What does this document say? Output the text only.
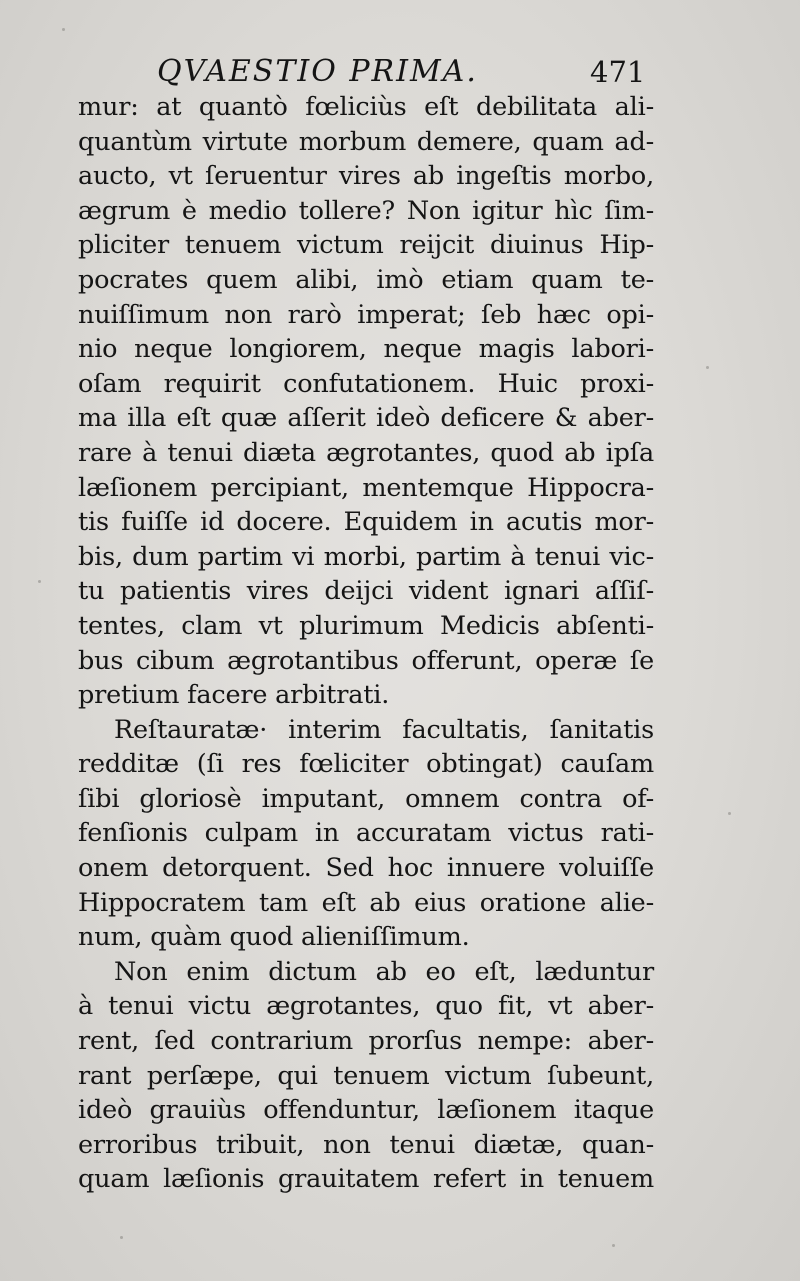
QVAESTIO PRIMA.	471
mur: at quantò fœliciùs eſt debilitata ali-
quantùm virtute morbum demere, quam ad-
aucto, vt ſeruentur vires ab ingeſtis morbo,
ægrum è medio tollere? Non igitur hìc ſim-
pliciter tenuem victum reijcit diuinus Hip-
pocrates quem alibi, imò etiam quam te-
nuiſſimum non rarò imperat; ſeb hæc opi-
nio neque longiorem, neque magis labori-
oſam requirit confutationem. Huic proxi-
ma illa eſt quæ aſſerit ideò deficere & aber-
rare à tenui diæta ægrotantes, quod ab ipſa
læſionem percipiant, mentemque Hippocra-
tis fuiſſe id docere. Equidem in acutis mor-
bis, dum partim vi morbi, partim à tenui vic-
tu patientis vires deijci vident ignari aſſiſ-
tentes, clam vt plurimum Medicis abſenti-
bus cibum ægrotantibus offerunt, operæ ſe
pretium facere arbitrati.
Reſtauratæ· interim facultatis, ſanitatis
redditæ (ſi res fœliciter obtingat) cauſam
ſibi gloriosè imputant, omnem contra of-
fenſionis culpam in accuratam victus rati-
onem detorquent. Sed hoc innuere voluiſſe
Hippocratem tam eſt ab eius oratione alie-
num, quàm quod alieniſſimum.
Non enim dictum ab eo eſt, læduntur
à tenui victu ægrotantes, quo fit, vt aber-
rent, ſed contrarium prorſus nempe: aber-
rant perſæpe, qui tenuem victum ſubeunt,
ideò grauiùs offenduntur, læſionem itaque
erroribus tribuit, non tenui diætæ, quan-
quam læſionis grauitatem refert in tenuem
